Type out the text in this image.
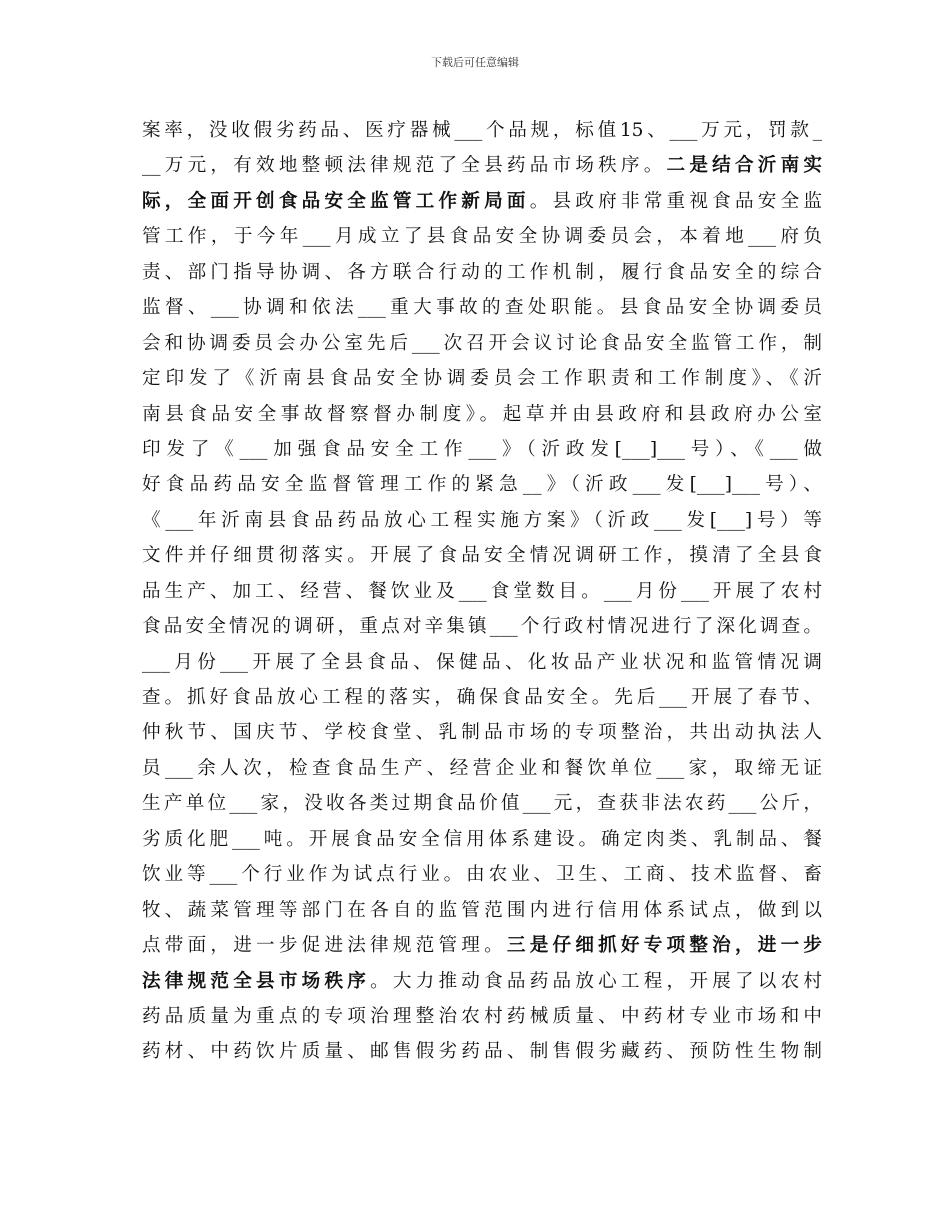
下载后可任意编辑
案率，没收假劣药品、医疗器械___个品规，标值15、___万元，罚款_
__万元，有效地整顿法律规范了全县药品市场秩序。二是结合沂南实
际，全面开创食品安全监管工作新局面。县政府非常重视食品安全监
管工作，于今年___月成立了县食品安全协调委员会，本着地___府负
责、部门指导协调、各方联合行动的工作机制，履行食品安全的综合
监督、___协调和依法___重大事故的查处职能。县食品安全协调委员
会和协调委员会办公室先后___次召开会议讨论食品安全监管工作，制
定印发了《沂南县食品安全协调委员会工作职责和工作制度》、《沂
南县食品安全事故督察督办制度》。起草并由县政府和县政府办公室
印发了《___加强食品安全工作___》（沂政发[___]___号）、《___做
好食品药品安全监督管理工作的紧急__》（沂政___发[___]___号）、
《___年沂南县食品药品放心工程实施方案》（沂政___发[___]号）等
文件并仔细贯彻落实。开展了食品安全情况调研工作，摸清了全县食
品生产、加工、经营、餐饮业及___食堂数目。___月份___开展了农村
食品安全情况的调研，重点对辛集镇___个行政村情况进行了深化调查。
___月份___开展了全县食品、保健品、化妆品产业状况和监管情况调
查。抓好食品放心工程的落实，确保食品安全。先后___开展了春节、
仲秋节、国庆节、学校食堂、乳制品市场的专项整治，共出动执法人
员___余人次，检查食品生产、经营企业和餐饮单位___家，取缔无证
生产单位___家，没收各类过期食品价值___元，查获非法农药___公斤，
劣质化肥___吨。开展食品安全信用体系建设。确定肉类、乳制品、餐
饮业等___个行业作为试点行业。由农业、卫生、工商、技术监督、畜
牧、蔬菜管理等部门在各自的监管范围内进行信用体系试点，做到以
点带面，进一步促进法律规范管理。三是仔细抓好专项整治，进一步
法律规范全县市场秩序。大力推动食品药品放心工程，开展了以农村
药品质量为重点的专项治理整治农村药械质量、中药材专业市场和中
药材、中药饮片质量、邮售假劣药品、制售假劣藏药、预防性生物制
